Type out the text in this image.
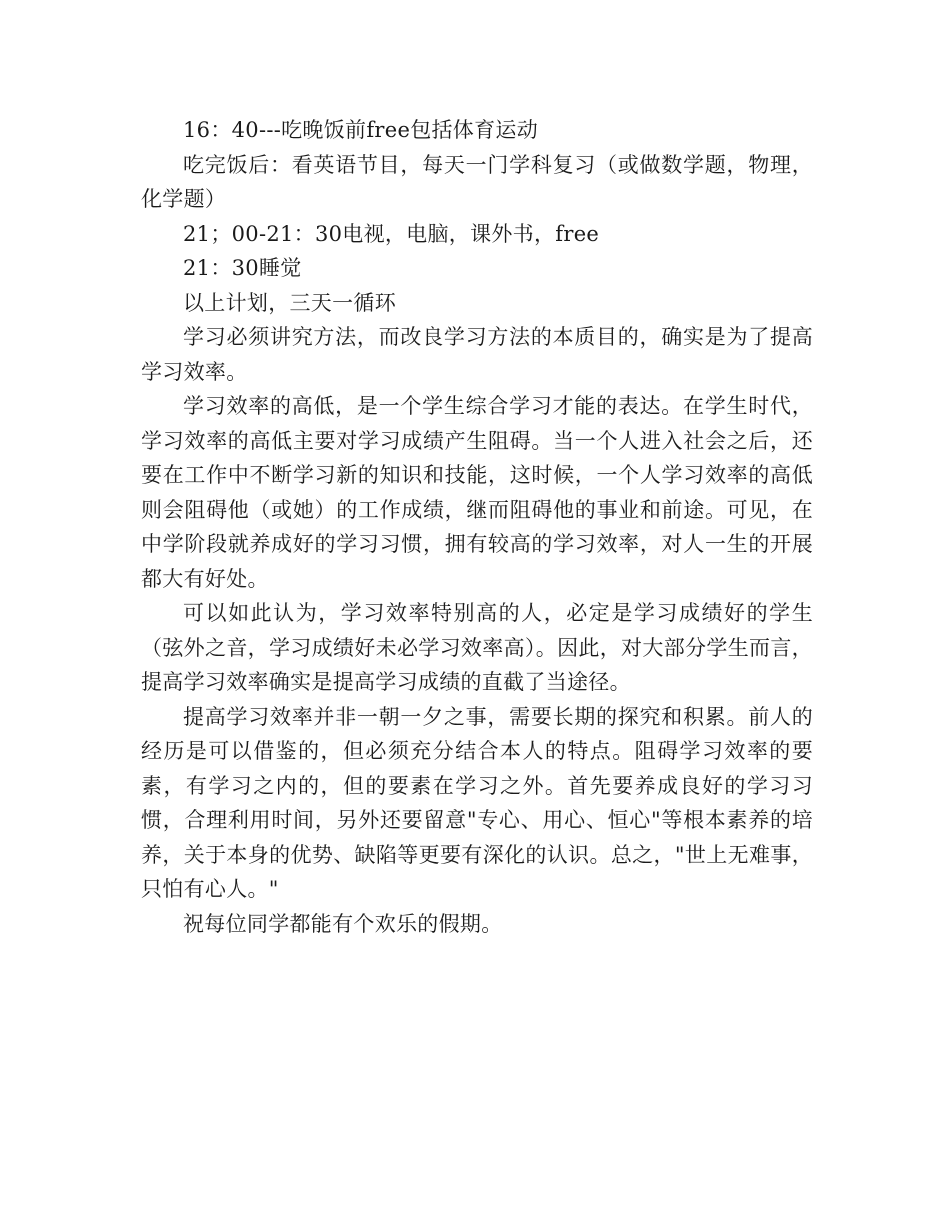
16：40---吃晚饭前free包括体育运动

吃完饭后：看英语节目，每天一门学科复习（或做数学题，物理，化学题）

21；00-21：30电视，电脑，课外书，free

21：30睡觉

以上计划，三天一循环

学习必须讲究方法，而改良学习方法的本质目的，确实是为了提高学习效率。

学习效率的高低，是一个学生综合学习才能的表达。在学生时代，学习效率的高低主要对学习成绩产生阻碍。当一个人进入社会之后，还要在工作中不断学习新的知识和技能，这时候，一个人学习效率的高低则会阻碍他（或她）的工作成绩，继而阻碍他的事业和前途。可见，在中学阶段就养成好的学习习惯，拥有较高的学习效率，对人一生的开展都大有好处。

可以如此认为，学习效率特别高的人，必定是学习成绩好的学生（弦外之音，学习成绩好未必学习效率高）。因此，对大部分学生而言，提高学习效率确实是提高学习成绩的直截了当途径。

提高学习效率并非一朝一夕之事，需要长期的探究和积累。前人的经历是可以借鉴的，但必须充分结合本人的特点。阻碍学习效率的要素，有学习之内的，但的要素在学习之外。首先要养成良好的学习习惯，合理利用时间，另外还要留意"专心、用心、恒心"等根本素养的培养，关于本身的优势、缺陷等更要有深化的认识。总之，"世上无难事，只怕有心人。"

祝每位同学都能有个欢乐的假期。
